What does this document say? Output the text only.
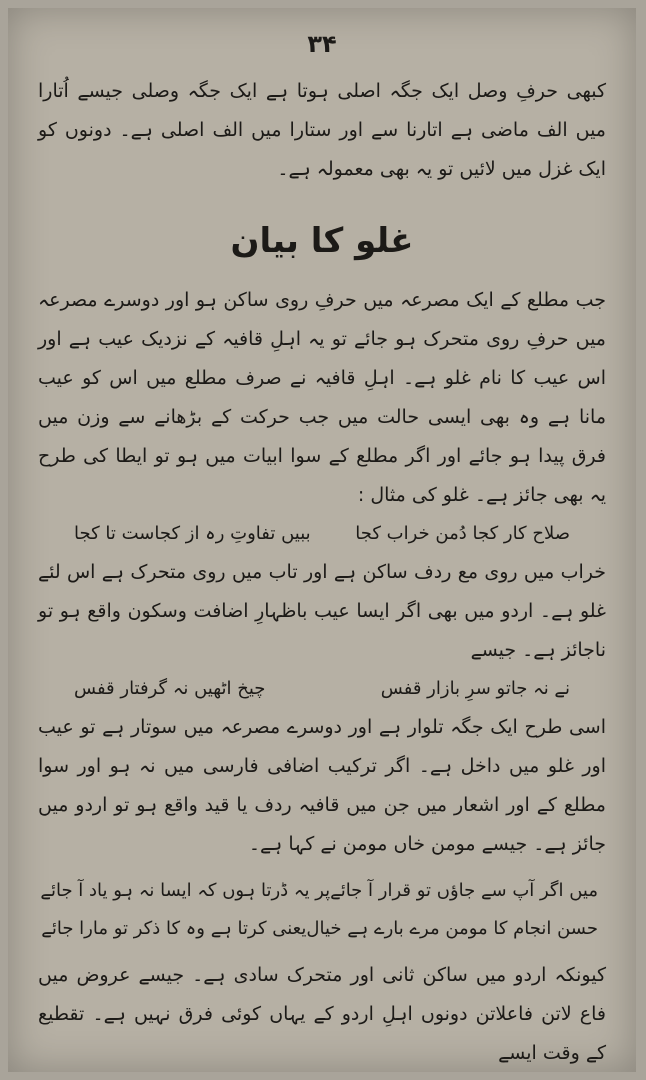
۳۴

کبھی حرفِ وصل ایک جگہ اصلی ہوتا ہے ایک جگہ وصلی جیسے اُتارا میں الف ماضی ہے اتارنا سے اور ستارا میں الف اصلی ہے۔ دونوں کو ایک غزل میں لائیں تو یہ بھی معمولہ ہے۔

غلو کا بیان

جب مطلع کے ایک مصرعہ میں حرفِ روی ساکن ہو اور دوسرے مصرعہ میں حرفِ روی متحرک ہو جائے تو یہ اہلِ قافیہ کے نزدیک عیب ہے اور اس عیب کا نام غلو ہے۔ اہلِ قافیہ نے صرف مطلع میں اس کو عیب مانا ہے وہ بھی ایسی حالت میں جب حرکت کے بڑھانے سے وزن میں فرق پیدا ہو جائے اور اگر مطلع کے سوا ابیات میں ہو تو ایطا کی طرح یہ بھی جائز ہے۔ غلو کی مثال :

صلاح کار کجا دُمن خراب کجا
ببیں تفاوتِ رہ از کجاست تا کجا

خراب میں روی مع ردف ساکن ہے اور تاب میں روی متحرک ہے اس لئے غلو ہے۔ اردو میں بھی اگر ایسا عیب باظہارِ اضافت وسکون واقع ہو تو ناجائز ہے۔ جیسے

نے نہ جاتو سرِ بازار قفس
چیخ اٹھیں نہ گرفتار قفس

اسی طرح ایک جگہ تلوار ہے اور دوسرے مصرعہ میں سوتار ہے تو عیب اور غلو میں داخل ہے۔ اگر ترکیب اضافی فارسی میں نہ ہو اور سوا مطلع کے اور اشعار میں جن میں قافیہ ردف یا قید واقع ہو تو اردو میں جائز ہے۔ جیسے مومن خاں مومن نے کہا ہے۔

میں اگر آپ سے جاؤں تو قرار آ جائے
پر یہ ڈرتا ہوں کہ ایسا نہ ہو یاد آ جائے
حسن انجام کا مومن مرے بارے ہے خیال
یعنی کرتا ہے وہ کا ذکر تو مارا جائے

کیونکہ اردو میں ساکن ثانی اور متحرک سادی ہے۔ جیسے عروض میں فاع لاتن فاعلاتن دونوں اہلِ اردو کے یہاں کوئی فرق نہیں ہے۔ تقطیع کے وقت ایسے
